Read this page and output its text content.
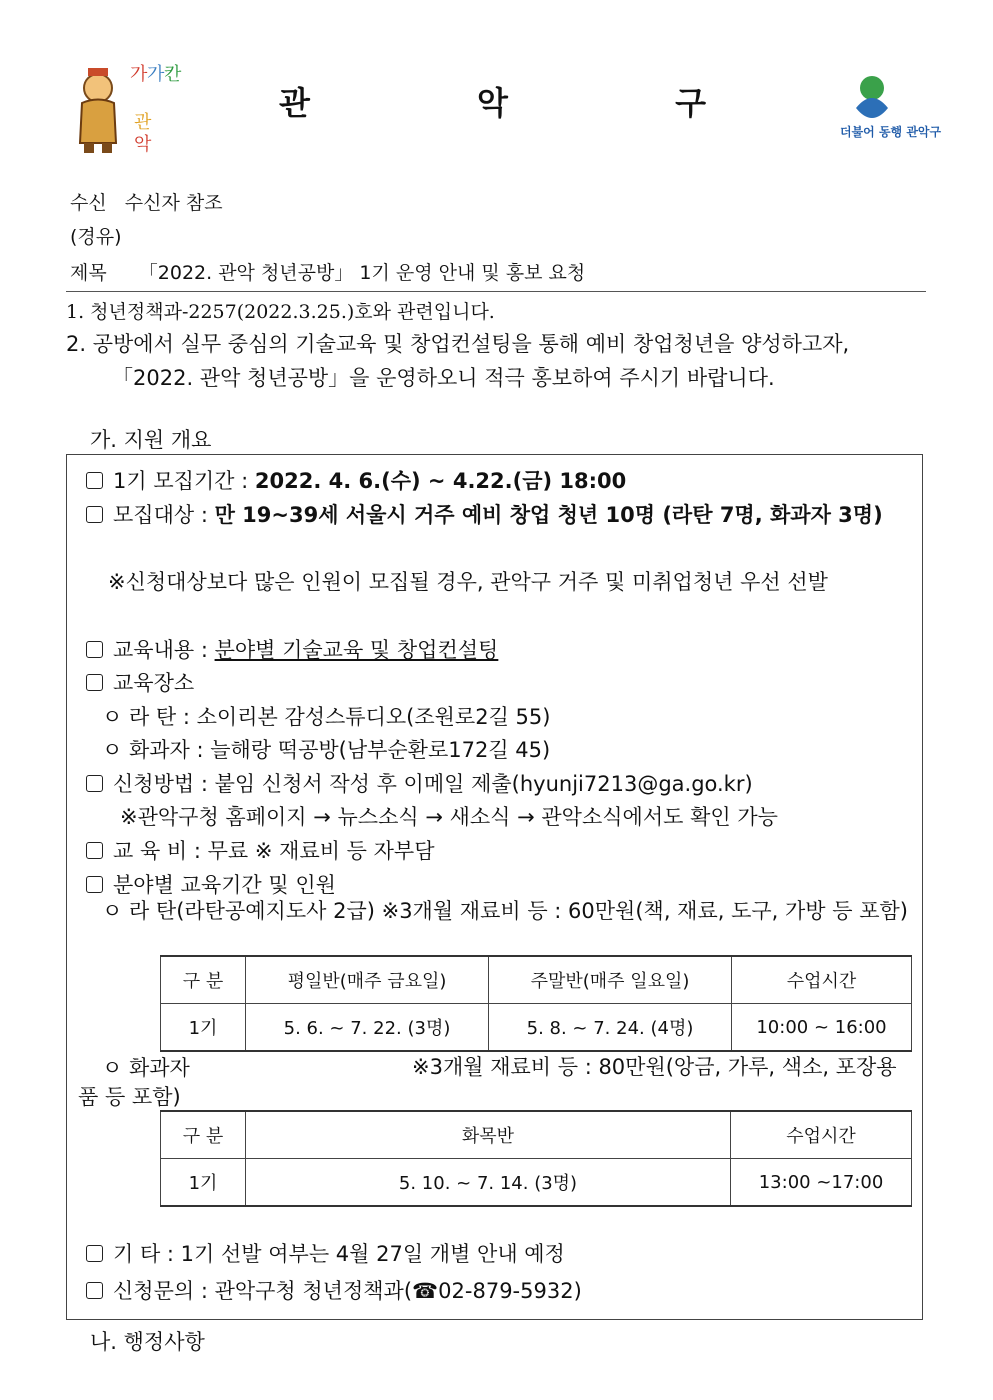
가 가 칸
관
악
관 악 구
더불어 동행 관악구
수신 수신자 참조
(경유)
제목 「2022. 관악 청년공방」 1기 운영 안내 및 홍보 요청
1. 청년정책과-2257(2022.3.25.)호와 관련입니다.
2. 공방에서 실무 중심의 기술교육 및 창업컨설팅을 통해 예비 창업청년을 양성하고자,
「2022. 관악 청년공방」을 운영하오니 적극 홍보하여 주시기 바랍니다.
가. 지원 개요
1기 모집기간 : 2022. 4. 6.(수) ~ 4.22.(금) 18:00
모집대상 : 만 19~39세 서울시 거주 예비 창업 청년 10명 (라탄 7명, 화과자 3명)
※신청대상보다 많은 인원이 모집될 경우, 관악구 거주 및 미취업청년 우선 선발
교육내용 : 분야별 기술교육 및 창업컨설팅
교육장소
ㅇ 라 탄 : 소이리본 감성스튜디오(조원로2길 55)
ㅇ 화과자 : 늘해랑 떡공방(남부순환로172길 45)
신청방법 : 붙임 신청서 작성 후 이메일 제출(hyunji7213@ga.go.kr)
※관악구청 홈페이지 → 뉴스소식 → 새소식 → 관악소식에서도 확인 가능
교 육 비 : 무료 ※ 재료비 등 자부담
분야별 교육기간 및 인원
ㅇ 라 탄(라탄공예지도사 2급) ※3개월 재료비 등 : 60만원(책, 재료, 도구, 가방 등 포함)
구 분	평일반(매주 금요일)	주말반(매주 일요일)	수업시간
1기	5. 6. ~ 7. 22. (3명)	5. 8. ~ 7. 24. (4명)	10:00 ~ 16:00
ㅇ 화과자	※3개월 재료비 등 : 80만원(앙금, 가루, 색소, 포장용품 등 포함)
구 분	화목반	수업시간
1기	5. 10. ~ 7. 14. (3명)	13:00 ~17:00
기 타 : 1기 선발 여부는 4월 27일 개별 안내 예정
신청문의 : 관악구청 청년정책과(☎02-879-5932)
나. 행정사항
